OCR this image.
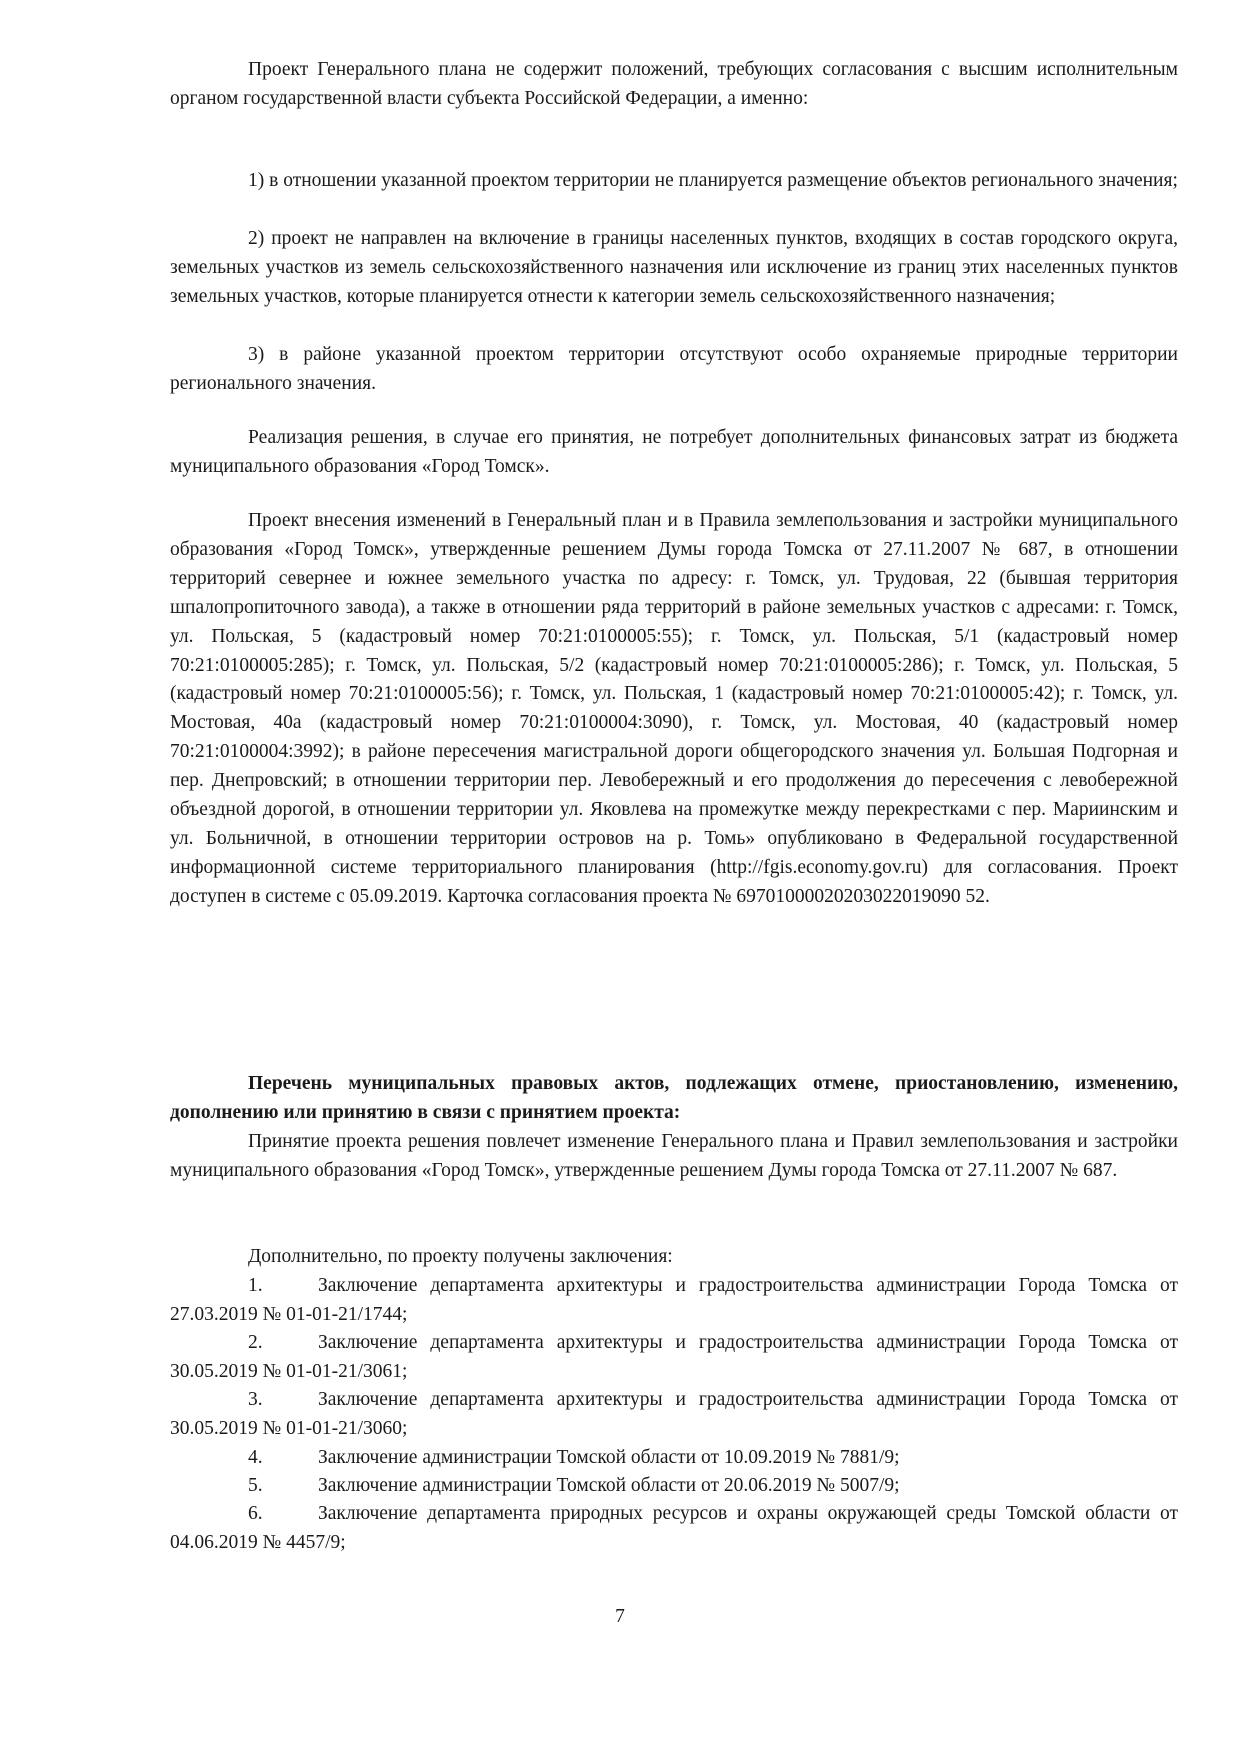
Проект Генерального плана не содержит положений, требующих согласования с высшим исполнительным органом государственной власти субъекта Российской Федерации, а именно:
1) в отношении указанной проектом территории не планируется размещение объектов регионального значения;
2) проект не направлен на включение в границы населенных пунктов, входящих в состав городского округа, земельных участков из земель сельскохозяйственного назначения или исключение из границ этих населенных пунктов земельных участков, которые планируется отнести к категории земель сельскохозяйственного назначения;
3) в районе указанной проектом территории отсутствуют особо охраняемые природные территории регионального значения.
Реализация решения, в случае его принятия, не потребует дополнительных финансовых затрат из бюджета муниципального образования «Город Томск».
Проект внесения изменений в Генеральный план и в Правила землепользования и застройки муниципального образования «Город Томск», утвержденные решением Думы города Томска от 27.11.2007 № 687, в отношении территорий севернее и южнее земельного участка по адресу: г. Томск, ул. Трудовая, 22 (бывшая территория шпалопропиточного завода), а также в отношении ряда территорий в районе земельных участков с адресами: г. Томск, ул. Польская, 5 (кадастровый номер 70:21:0100005:55); г. Томск, ул. Польская, 5/1 (кадастровый номер 70:21:0100005:285); г. Томск, ул. Польская, 5/2 (кадастровый номер 70:21:0100005:286); г. Томск, ул. Польская, 5 (кадастровый номер 70:21:0100005:56); г. Томск, ул. Польская, 1 (кадастровый номер 70:21:0100005:42); г. Томск, ул. Мостовая, 40а (кадастровый номер 70:21:0100004:3090), г. Томск, ул. Мостовая, 40 (кадастровый номер 70:21:0100004:3992); в районе пересечения магистральной дороги общегородского значения ул. Большая Подгорная и пер. Днепровский; в отношении территории пер. Левобережный и его продолжения до пересечения с левобережной объездной дорогой, в отношении территории ул. Яковлева на промежутке между перекрестками с пер. Мариинским и ул. Больничной, в отношении территории островов на р. Томь» опубликовано в Федеральной государственной информационной системе территориального планирования (http://fgis.economy.gov.ru) для согласования. Проект доступен в системе с 05.09.2019. Карточка согласования проекта № 69701000020203022019090 52.
Перечень муниципальных правовых актов, подлежащих отмене, приостановлению, изменению, дополнению или принятию в связи с принятием проекта:
Принятие проекта решения повлечет изменение Генерального плана и Правил землепользования и застройки муниципального образования «Город Томск», утвержденные решением Думы города Томска от 27.11.2007 № 687.
Дополнительно, по проекту получены заключения:
1.	Заключение департамента архитектуры и градостроительства администрации Города Томска от 27.03.2019 № 01-01-21/1744;
2.	Заключение департамента архитектуры и градостроительства администрации Города Томска от 30.05.2019 № 01-01-21/3061;
3.	Заключение департамента архитектуры и градостроительства администрации Города Томска от 30.05.2019 № 01-01-21/3060;
4.	Заключение администрации Томской области от 10.09.2019 № 7881/9;
5.	Заключение администрации Томской области от 20.06.2019 № 5007/9;
6.	Заключение департамента природных ресурсов и охраны окружающей среды Томской области от 04.06.2019 № 4457/9;
7
